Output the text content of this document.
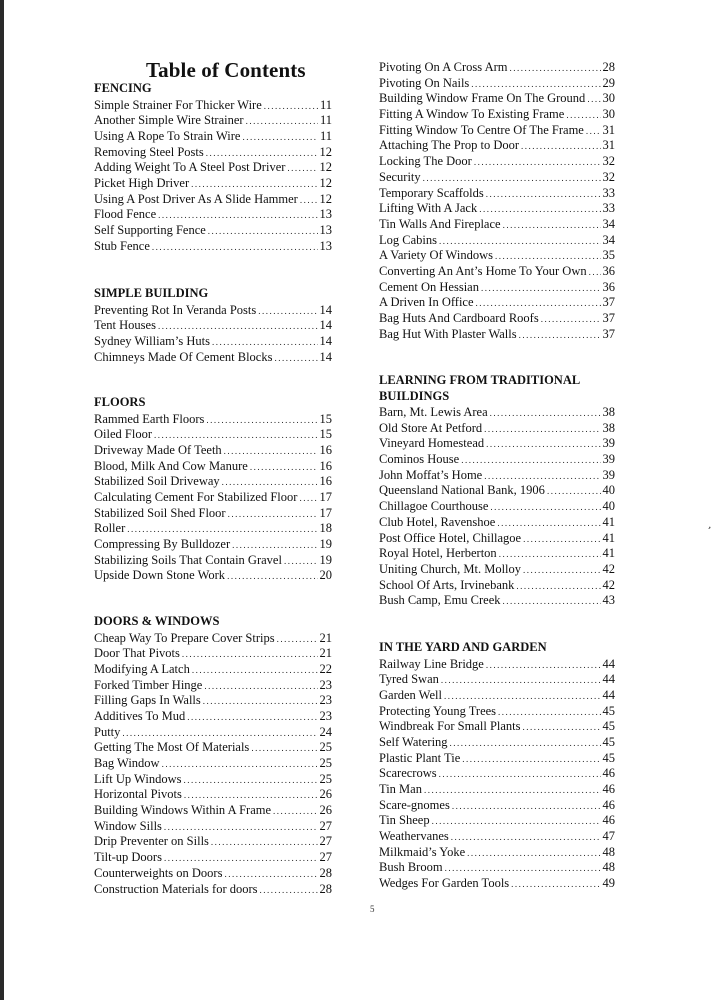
Table of Contents
FENCING
Simple Strainer For Thicker Wire .....	11
Another Simple Wire Strainer .....	11
Using A Rope To Strain Wire .....	11
Removing Steel Posts .....	12
Adding Weight To A Steel Post Driver .....	12
Picket High Driver .....	12
Using A Post Driver As A Slide Hammer ..... 12
Flood Fence .....	13
Self Supporting Fence .....	13
Stub Fence .....	13
SIMPLE BUILDING
Preventing Rot In Veranda Posts .....	14
Tent Houses .....	14
Sydney William’s Huts .....	14
Chimneys Made Of Cement Blocks .....	14
FLOORS
Rammed Earth Floors .....	15
Oiled Floor .....	15
Driveway Made Of Teeth .....	16
Blood, Milk And Cow Manure .....	16
Stabilized Soil Driveway .....	16
Calculating Cement For Stabilized Floor ..... 17
Stabilized Soil Shed Floor .....	17
Roller .....	18
Compressing By Bulldozer .....	19
Stabilizing Soils That Contain Gravel .....	19
Upside Down Stone Work .....	20
DOORS & WINDOWS
Cheap Way To Prepare Cover Strips .....	21
Door That Pivots .....	21
Modifying A Latch .....	22
Forked Timber Hinge .....	23
Filling Gaps In Walls .....	23
Additives To Mud .....	23
Putty .....	24
Getting The Most Of Materials .....	25
Bag Window .....	25
Lift Up Windows .....	25
Horizontal Pivots .....	26
Building Windows Within A Frame .....	26
Window Sills .....	27
Drip Preventer on Sills .....	27
Tilt-up Doors .....	27
Counterweights on Doors .....	28
Construction Materials for doors .....	28
Pivoting On A Cross Arm .....	28
Pivoting On Nails .....	29
Building Window Frame On The Ground ..... 30
Fitting A Window To Existing Frame .....	30
Fitting Window To Centre Of The Frame ..... 31
Attaching The Prop to Door .....	31
Locking The Door .....	32
Security .....	32
Temporary Scaffolds .....	33
Lifting With A Jack .....	33
Tin Walls And Fireplace .....	34
Log Cabins .....	34
A Variety Of Windows .....	35
Converting An Ant’s Home To Your Own ..... 36
Cement On Hessian .....	36
A Driven In Office .....	37
Bag Huts And Cardboard Roofs .....	37
Bag Hut With Plaster Walls .....	37
LEARNING FROM TRADITIONAL
BUILDINGS
Barn, Mt. Lewis Area .....	38
Old Store At Petford .....	38
Vineyard Homestead .....	39
Cominos House .....	39
John Moffat’s Home .....	39
Queensland National Bank, 1906 .....	40
Chillagoe Courthouse .....	40
Club Hotel, Ravenshoe .....	41
Post Office Hotel, Chillagoe .....	41
Royal Hotel, Herberton .....	41
Uniting Church, Mt. Molloy .....	42
School Of Arts, Irvinebank .....	42
Bush Camp, Emu Creek .....	43
IN THE YARD AND GARDEN
Railway Line Bridge .....	44
Tyred Swan .....	44
Garden Well .....	44
Protecting Young Trees .....	45
Windbreak For Small Plants .....	45
Self Watering .....	45
Plastic Plant Tie .....	45
Scarecrows .....	46
Tin Man .....	46
Scare-gnomes .....	46
Tin Sheep .....	46
Weathervanes .....	47
Milkmaid’s Yoke .....	48
Bush Broom .....	48
Wedges For Garden Tools .....	49
5
‚
